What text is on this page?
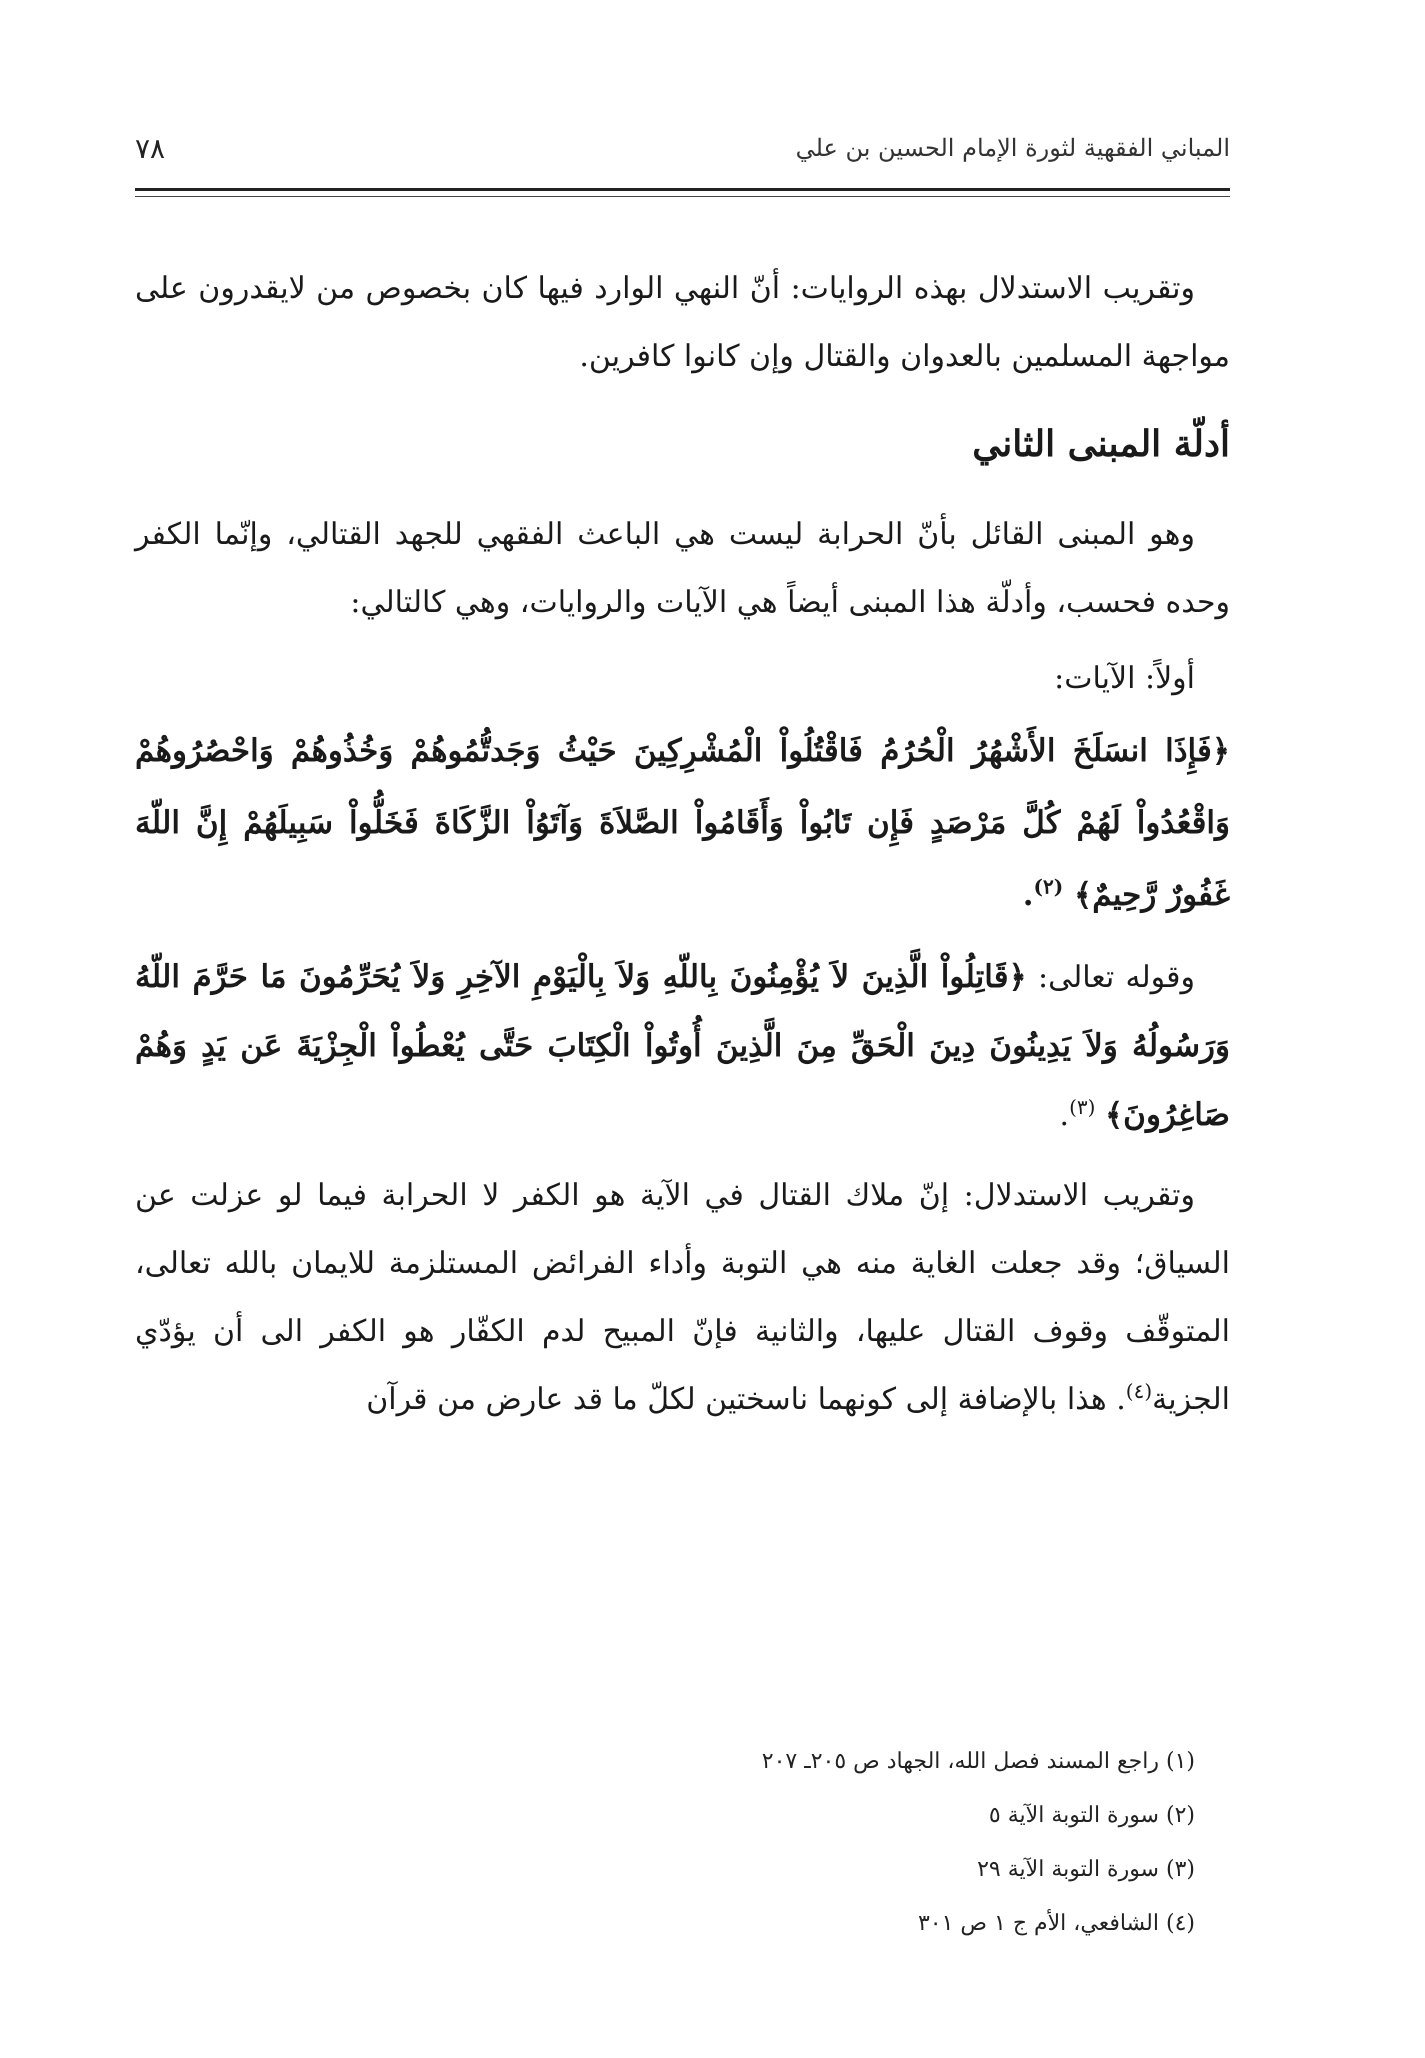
٧٨	المباني الفقهية لثورة الإمام الحسين بن علي

وتقريب الاستدلال بهذه الروايات: أنّ النهي الوارد فيها كان بخصوص من لايقدرون على مواجهة المسلمين بالعدوان والقتال وإن كانوا كافرين.

أدلّة المبنى الثاني

وهو المبنى القائل بأنّ الحرابة ليست هي الباعث الفقهي للجهد القتالي، وإنّما الكفر وحده فحسب، وأدلّة هذا المبنى أيضاً هي الآيات والروايات، وهي كالتالي:

أولاً: الآيات:

﴿فَإِذَا انسَلَخَ الأَشْهُرُ الْحُرُمُ فَاقْتُلُواْ الْمُشْرِكِينَ حَيْثُ وَجَدتُّمُوهُمْ وَخُذُوهُمْ وَاحْصُرُوهُمْ وَاقْعُدُواْ لَهُمْ كُلَّ مَرْصَدٍ فَإِن تَابُواْ وَأَقَامُواْ الصَّلاَةَ وَآتَوُاْ الزَّكَاةَ فَخَلُّواْ سَبِيلَهُمْ إِنَّ اللّهَ غَفُورٌ رَّحِيمٌ﴾ $^{(٢)}$.

وقوله تعالى: ﴿قَاتِلُواْ الَّذِينَ لاَ يُؤْمِنُونَ بِاللّهِ وَلاَ بِالْيَوْمِ الآخِرِ وَلاَ يُحَرِّمُونَ مَا حَرَّمَ اللّهُ وَرَسُولُهُ وَلاَ يَدِينُونَ دِينَ الْحَقِّ مِنَ الَّذِينَ أُوتُواْ الْكِتَابَ حَتَّى يُعْطُواْ الْجِزْيَةَ عَن يَدٍ وَهُمْ صَاغِرُونَ﴾ $^{(٣)}$.

وتقريب الاستدلال: إنّ ملاك القتال في الآية هو الكفر لا الحرابة فيما لو عزلت عن السياق؛ وقد جعلت الغاية منه هي التوبة وأداء الفرائض المستلزمة للايمان بالله تعالى، المتوقّف وقوف القتال عليها، والثانية فإنّ المبيح لدم الكفّار هو الكفر الى أن يؤدّي الجزية$^{(٤)}$. هذا بالإضافة إلى كونهما ناسختين لكلّ ما قد عارض من قرآن

(١) راجع المسند فصل الله، الجهاد ص ٢٠٥ـ ٢٠٧
(٢) سورة التوبة الآية ٥
(٣) سورة التوبة الآية ٢٩
(٤) الشافعي، الأم ج ١ ص ٣٠١
